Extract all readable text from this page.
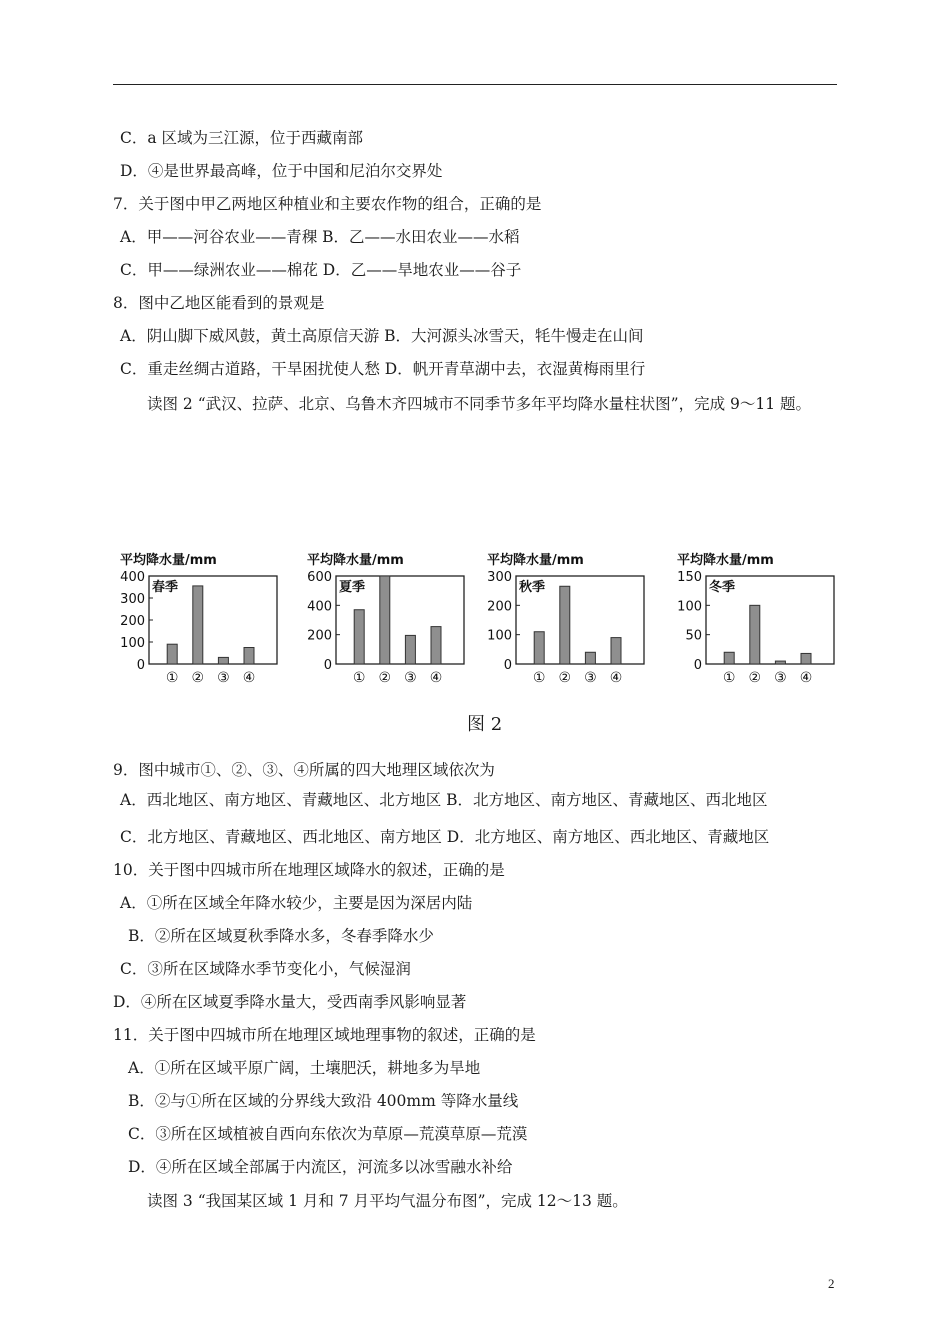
C．a 区域为三江源，位于西藏南部
D．④是世界最高峰，位于中国和尼泊尔交界处
7．关于图中甲乙两地区种植业和主要农作物的组合，正确的是
A．甲——河谷农业——青稞 B．乙——水田农业——水稻
C．甲——绿洲农业——棉花 D．乙——旱地农业——谷子
8．图中乙地区能看到的景观是
A．阴山脚下威风鼓，黄土高原信天游 B．大河源头冰雪天，牦牛慢走在山间
C．重走丝绸古道路，干旱困扰使人愁 D．帆开青草湖中去，衣湿黄梅雨里行
读图 2 “武汉、拉萨、北京、乌鲁木齐四城市不同季节多年平均降水量柱状图”，完成 9～11 题。
平均降水量/mm
春季
0
100
200
300
400
① ② ③ ④
平均降水量/mm
夏季
0
200
400
600
① ② ③ ④
平均降水量/mm
秋季
0
100
200
300
① ② ③ ④
平均降水量/mm
冬季
0
50
100
150
① ② ③ ④
图 2
9．图中城市①、②、③、④所属的四大地理区域依次为
A．西北地区、南方地区、青藏地区、北方地区 B．北方地区、南方地区、青藏地区、西北地区
C．北方地区、青藏地区、西北地区、南方地区 D．北方地区、南方地区、西北地区、青藏地区
10．关于图中四城市所在地理区域降水的叙述，正确的是
A．①所在区域全年降水较少，主要是因为深居内陆
B．②所在区域夏秋季降水多，冬春季降水少
C．③所在区域降水季节变化小，气候湿润
D．④所在区域夏季降水量大，受西南季风影响显著
11．关于图中四城市所在地理区域地理事物的叙述，正确的是
A．①所在区域平原广阔，土壤肥沃，耕地多为旱地
B．②与①所在区域的分界线大致沿 400mm 等降水量线
C．③所在区域植被自西向东依次为草原—荒漠草原—荒漠
D．④所在区域全部属于内流区，河流多以冰雪融水补给
读图 3 “我国某区域 1 月和 7 月平均气温分布图”，完成 12～13 题。
2
